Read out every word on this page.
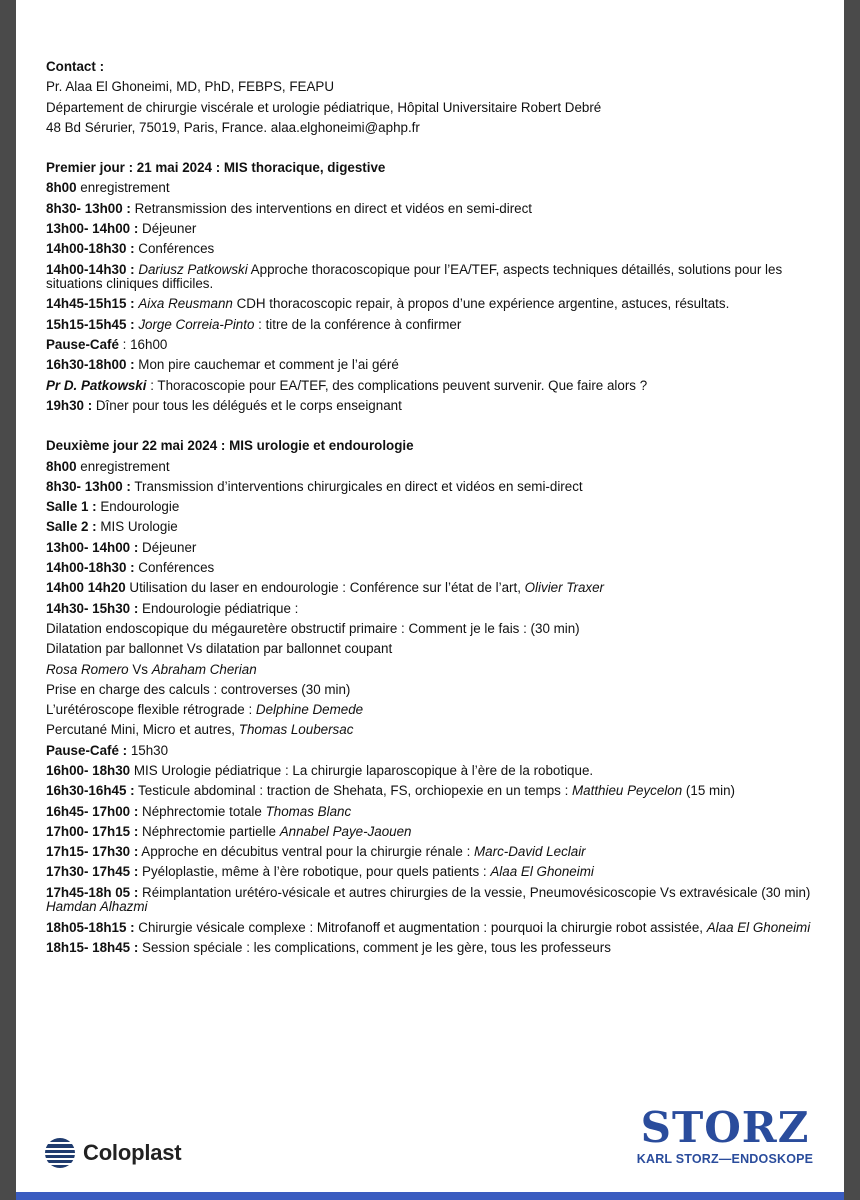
Contact :
Pr. Alaa El Ghoneimi, MD, PhD, FEBPS, FEAPU
Département de chirurgie viscérale et urologie pédiatrique, Hôpital Universitaire Robert Debré
48 Bd Sérurier, 75019, Paris, France. alaa.elghoneimi@aphp.fr
Premier jour : 21 mai 2024 : MIS thoracique, digestive
8h00 enregistrement
8h30- 13h00 : Retransmission des interventions en direct et vidéos en semi-direct
13h00- 14h00 : Déjeuner
14h00-18h30 : Conférences
14h00-14h30 : Dariusz Patkowski Approche thoracoscopique pour l’EA/TEF, aspects techniques détaillés, solutions pour les situations cliniques difficiles.
14h45-15h15 : Aixa Reusmann CDH thoracoscopic repair, à propos d’une expérience argentine, astuces, résultats.
15h15-15h45 : Jorge Correia-Pinto : titre de la conférence à confirmer
Pause-Café : 16h00
16h30-18h00 : Mon pire cauchemar et comment je l’ai géré
Pr D. Patkowski : Thoracoscopie pour EA/TEF, des complications peuvent survenir. Que faire alors ?
19h30 : Dîner pour tous les délégués et le corps enseignant
Deuxième jour 22 mai 2024 : MIS urologie et endourologie
8h00 enregistrement
8h30- 13h00 : Transmission d’interventions chirurgicales en direct et vidéos en semi-direct
Salle 1 : Endourologie
Salle 2 : MIS Urologie
13h00- 14h00 : Déjeuner
14h00-18h30 : Conférences
14h00 14h20 Utilisation du laser en endourologie : Conférence sur l’état de l’art, Olivier Traxer
14h30- 15h30 : Endourologie pédiatrique :
Dilatation endoscopique du mégauretère obstructif primaire : Comment je le fais : (30 min)
Dilatation par ballonnet Vs dilatation par ballonnet coupant
Rosa Romero Vs Abraham Cherian
Prise en charge des calculs : controverses (30 min)
L’urétéroscope flexible rétrograde : Delphine Demede
Percutané Mini, Micro et autres, Thomas Loubersac
Pause-Café : 15h30
16h00- 18h30 MIS Urologie pédiatrique : La chirurgie laparoscopique à l’ère de la robotique.
16h30-16h45 : Testicule abdominal : traction de Shehata, FS, orchiopexie en un temps : Matthieu Peycelon (15 min)
16h45- 17h00 : Néphrectomie totale Thomas Blanc
17h00- 17h15 : Néphrectomie partielle Annabel Paye-Jaouen
17h15- 17h30 : Approche en décubitus ventral pour la chirurgie rénale : Marc-David Leclair
17h30- 17h45 : Pyéloplastie, même à l’ère robotique, pour quels patients : Alaa El Ghoneimi
17h45-18h 05 : Réimplantation urétéro-vésicale et autres chirurgies de la vessie, Pneumovésicoscopie Vs extravésicale (30 min) Hamdan Alhazmi
18h05-18h15 : Chirurgie vésicale complexe : Mitrofanoff et augmentation : pourquoi la chirurgie robot assistée, Alaa El Ghoneimi
18h15- 18h45 : Session spéciale : les complications, comment je les gère, tous les professeurs
Coloplast
STORZ
KARL STORZ—ENDOSKOPE
